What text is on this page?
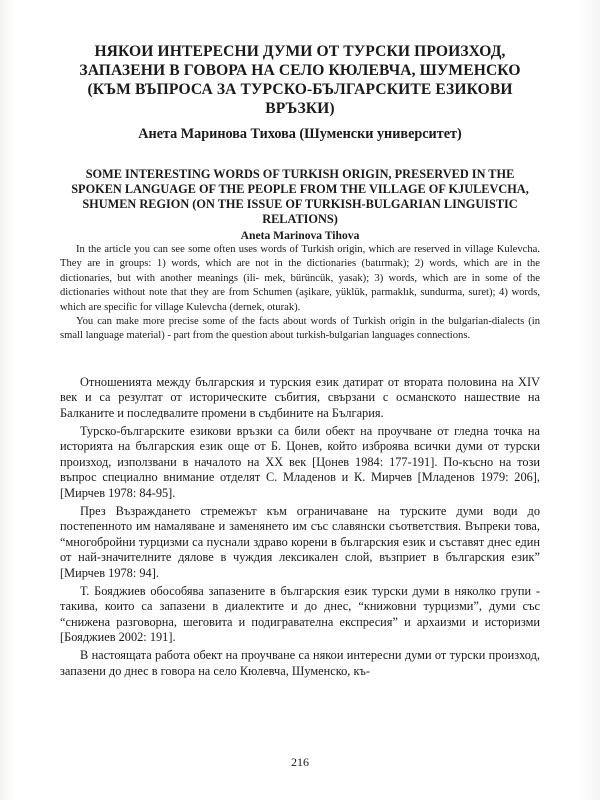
НЯКОИ ИНТЕРЕСНИ ДУМИ ОТ ТУРСКИ ПРОИЗХОД, ЗАПАЗЕНИ В ГОВОРА НА СЕЛО КЮЛЕВЧА, ШУМЕНСКО (КЪМ ВЪПРОСА ЗА ТУРСКО-БЪЛГАРСКИТЕ ЕЗИКОВИ ВРЪЗКИ)
Анета Маринова Тихова (Шуменски университет)
SOME INTERESTING WORDS OF TURKISH ORIGIN, PRESERVED IN THE SPOKEN LANGUAGE OF THE PEOPLE FROM THE VILLAGE OF KJULEVCHA, SHUMEN REGION (ON THE ISSUE OF TURKISH-BULGARIAN LINGUISTIC RELATIONS)
Aneta Marinova Tihova

In the article you can see some often uses words of Turkish origin, which are reserved in village Kulevcha. They are in groups: 1) words, which are not in the dictionaries (batırmak); 2) words, which are in the dictionaries, but with another meanings (ili- mek, bürüncük, yasak); 3) words, which are in some of the dictionaries without note that they are from Schumen (aşikare, yüklük, parmaklık, sundurma, suret); 4) words, which are specific for village Kulevcha (dernek, oturak).

You can make more precise some of the facts about words of Turkish origin in the bulgarian-dialects (in small language material) - part from the question about turkish-bulgarian languages connections.

Отношенията между българския и турския език датират от втората половина на XIV век и са резултат от историческите събития, свързани с османското нашествие на Балканите и последвалите промени в съдбините на България.

Турско-българските езикови връзки са били обект на проучване от гледна точка на историята на българския език още от Б. Цонев, който изброява всички думи от турски произход, използвани в началото на XX век [Цонев 1984: 177-191]. По-късно на този въпрос специално внимание отделят С. Младенов и К. Мирчев [Младенов 1979: 206], [Мирчев 1978: 84-95].

През Възраждането стремежът към ограничаване на турските думи води до постепенното им намаляване и заменянето им със славянски съответствия. Въпреки това, “многобройни турцизми са пуснали здраво корени в българския език и съставят днес един от най-значителните дялове в чуждия лексикален слой, възприет в българския език” [Мирчев 1978: 94].

Т. Бояджиев обособява запазените в българския език турски думи в няколко групи - такива, които са запазени в диалектите и до днес, “книжовни турцизми”, думи със “снижена разговорна, шеговита и подигравателна експресия” и архаизми и историзми [Бояджиев 2002: 191].

В настоящата работа обект на проучване са някои интересни думи от турски произход, запазени до днес в говора на село Кюлевча, Шуменско, къ-

216
